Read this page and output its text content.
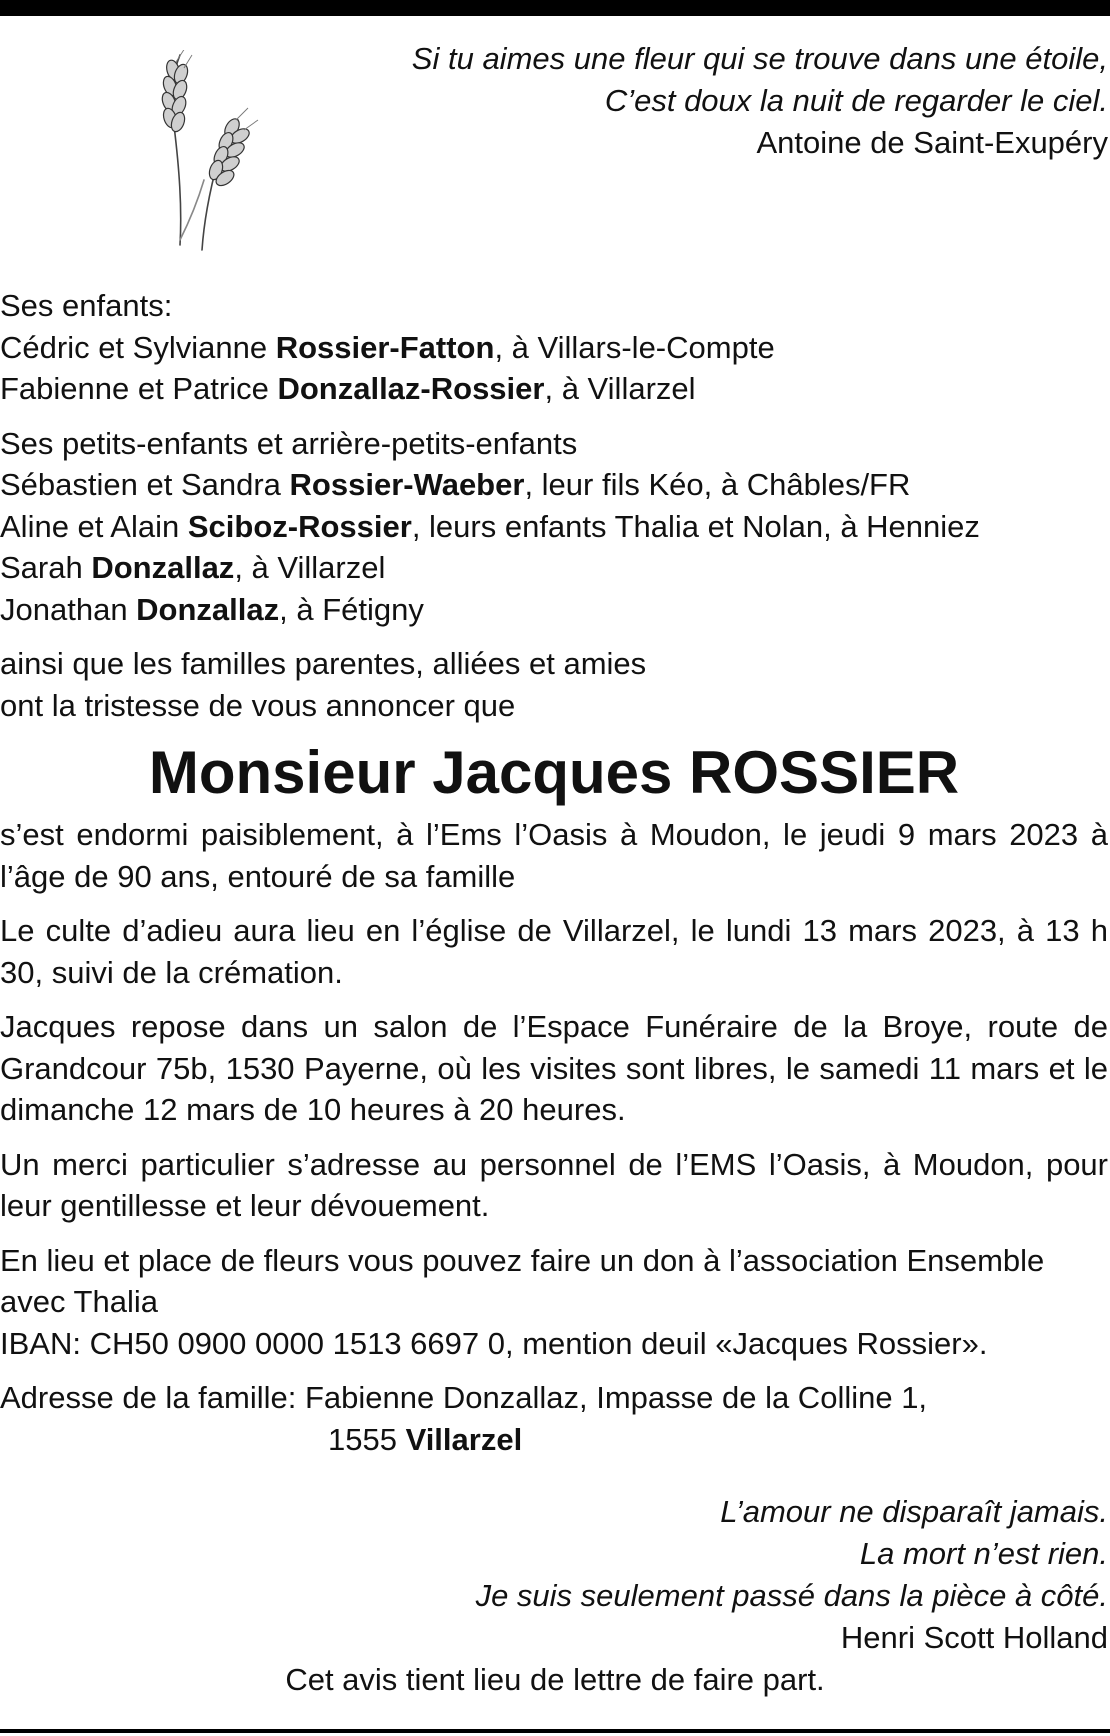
Si tu aimes une fleur qui se trouve dans une étoile,
C’est doux la nuit de regarder le ciel.
Antoine de Saint-Exupéry

Ses enfants:

Cédric et Sylvianne Rossier-Fatton, à Villars-le-Compte

Fabienne et Patrice Donzallaz-Rossier, à Villarzel

Ses petits-enfants et arrière-petits-enfants

Sébastien et Sandra Rossier-Waeber, leur fils Kéo, à Châbles/FR

Aline et Alain Sciboz-Rossier, leurs enfants Thalia et Nolan, à Henniez

Sarah Donzallaz, à Villarzel

Jonathan Donzallaz, à Fétigny

ainsi que les familles parentes, alliées et amies

ont la tristesse de vous annoncer que

Monsieur Jacques ROSSIER

s’est endormi paisiblement, à l’Ems l’Oasis à Moudon, le jeudi 9 mars 2023 à l’âge de 90 ans, entouré de sa famille

Le culte d’adieu aura lieu en l’église de Villarzel, le lundi 13 mars 2023, à 13 h 30, suivi de la crémation.

Jacques repose dans un salon de l’Espace Funéraire de la Broye, route de Grandcour 75b, 1530 Payerne, où les visites sont libres, le samedi 11 mars et le dimanche 12 mars de 10 heures à 20 heures.

Un merci particulier s’adresse au personnel de l’EMS l’Oasis, à Moudon, pour leur gentillesse et leur dévouement.

En lieu et place de fleurs vous pouvez faire un don à l’association Ensemble avec Thalia

IBAN: CH50 0900 0000 1513 6697 0, mention deuil «Jacques Rossier».

Adresse de la famille: Fabienne Donzallaz, Impasse de la Colline 1,

1555 Villarzel

L’amour ne disparaît jamais.
La mort n’est rien.
Je suis seulement passé dans la pièce à côté.
Henri Scott Holland
Cet avis tient lieu de lettre de faire part.
